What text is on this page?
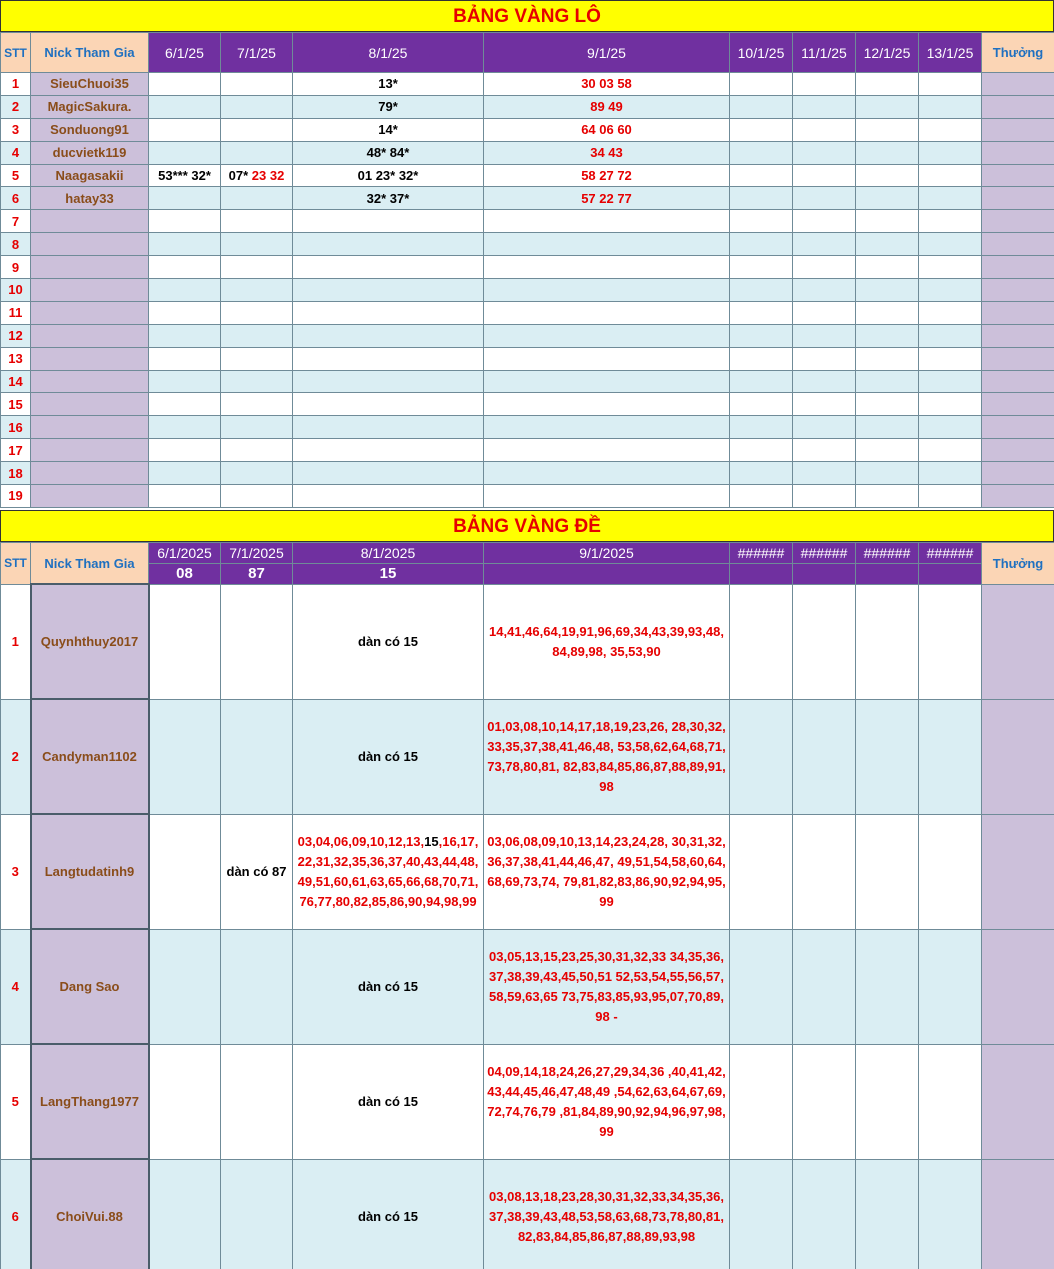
BẢNG VÀNG LÔ
STT	Nick Tham Gia	6/1/25	7/1/25	8/1/25	9/1/25	10/1/25	11/1/25	12/1/25	13/1/25	Thưởng
1	SieuChuoi35			13*	30 03 58					
2	MagicSakura.			79*	89 49					
3	Sonduong91			14*	64 06 60					
4	ducvietk119			48* 84*	34 43					
5	Naagasakii	53*** 32*	07* 23 32	01 23* 32*	58 27 72					
6	hatay33			32* 37*	57 22 77					
7										
8										
9										
10										
11										
12										
13										
14										
15										
16										
17										
18										
19										
BẢNG VÀNG ĐỀ
STT	Nick Tham Gia	6/1/2025	7/1/2025	8/1/2025	9/1/2025	######	######	######	######	Thưởng
		08	87	15						
1	Quynhthuy2017			dàn có 15	14,41,46,64,19,91,96,69,34,43,39,93,48,84,89,98, 35,53,90					
2	Candyman1102			dàn có 15	01,03,08,10,14,17,18,19,23,26, 28,30,32,33,35,37,38,41,46,48, 53,58,62,64,68,71,73,78,80,81, 82,83,84,85,86,87,88,89,91,98					
3	Langtudatinh9		dàn có 87	03,04,06,09,10,12,13,15,16,17, 22,31,32,35,36,37,40,43,44,48, 49,51,60,61,63,65,66,68,70,71, 76,77,80,82,85,86,90,94,98,99	03,06,08,09,10,13,14,23,24,28, 30,31,32,36,37,38,41,44,46,47, 49,51,54,58,60,64,68,69,73,74, 79,81,82,83,86,90,92,94,95,99					
4	Dang Sao			dàn có 15	03,05,13,15,23,25,30,31,32,33 34,35,36,37,38,39,43,45,50,51 52,53,54,55,56,57,58,59,63,65 73,75,83,85,93,95,07,70,89,98 -					
5	LangThang1977			dàn có 15	04,09,14,18,24,26,27,29,34,36 ,40,41,42,43,44,45,46,47,48,49 ,54,62,63,64,67,69,72,74,76,79 ,81,84,89,90,92,94,96,97,98,99					
6	ChoiVui.88			dàn có 15	03,08,13,18,23,28,30,31,32,33,34,35,36,37,38,39,43,48,53,58,63,68,73,78,80,81,82,83,84,85,86,87,88,89,93,98					
